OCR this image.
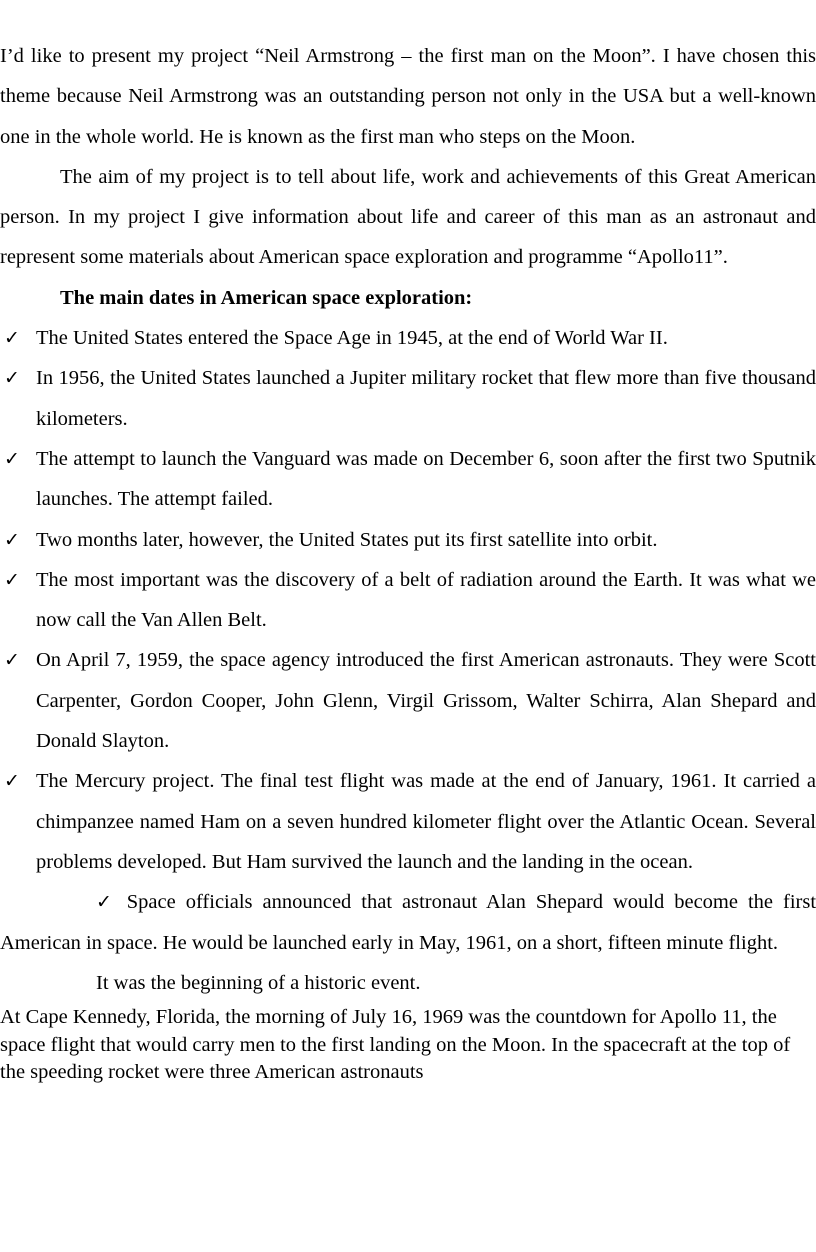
I’d like to present my project “Neil Armstrong – the first man on the Moon”. I have chosen this theme because Neil Armstrong was an outstanding person not only in the USA but a well-known one in the whole world. He is known as the first man who steps on the Moon.

The aim of my project is to tell about life, work and achievements of this Great American person. In my project I give information about life and career of this man as an astronaut and represent some materials about American space exploration and programme “Apollo11”.

The main dates in American space exploration:

✓ The United States entered the Space Age in 1945, at the end of World War II.
✓ In 1956, the United States launched a Jupiter military rocket that flew more than five thousand kilometers.
✓ The attempt to launch the Vanguard was made on December 6, soon after the first two Sputnik launches. The attempt failed.
✓ Two months later, however, the United States put its first satellite into orbit.
✓ The most important was the discovery of a belt of radiation around the Earth. It was what we now call the Van Allen Belt.
✓ On April 7, 1959, the space agency introduced the first American astronauts. They were Scott Carpenter, Gordon Cooper, John Glenn, Virgil Grissom, Walter Schirra, Alan Shepard and Donald Slayton.
✓ The Mercury project. The final test flight was made at the end of January, 1961. It carried a chimpanzee named Ham on a seven hundred kilometer flight over the Atlantic Ocean. Several problems developed. But Ham survived the launch and the landing in the ocean.

✓ Space officials announced that astronaut Alan Shepard would become the first American in space. He would be launched early in May, 1961, on a short, fifteen minute flight.

It was the beginning of a historic event.

At Cape Kennedy, Florida, the morning of July 16, 1969 was the countdown for Apollo 11, the space flight that would carry men to the first landing on the Moon. In the spacecraft at the top of the speeding rocket were three American astronauts
